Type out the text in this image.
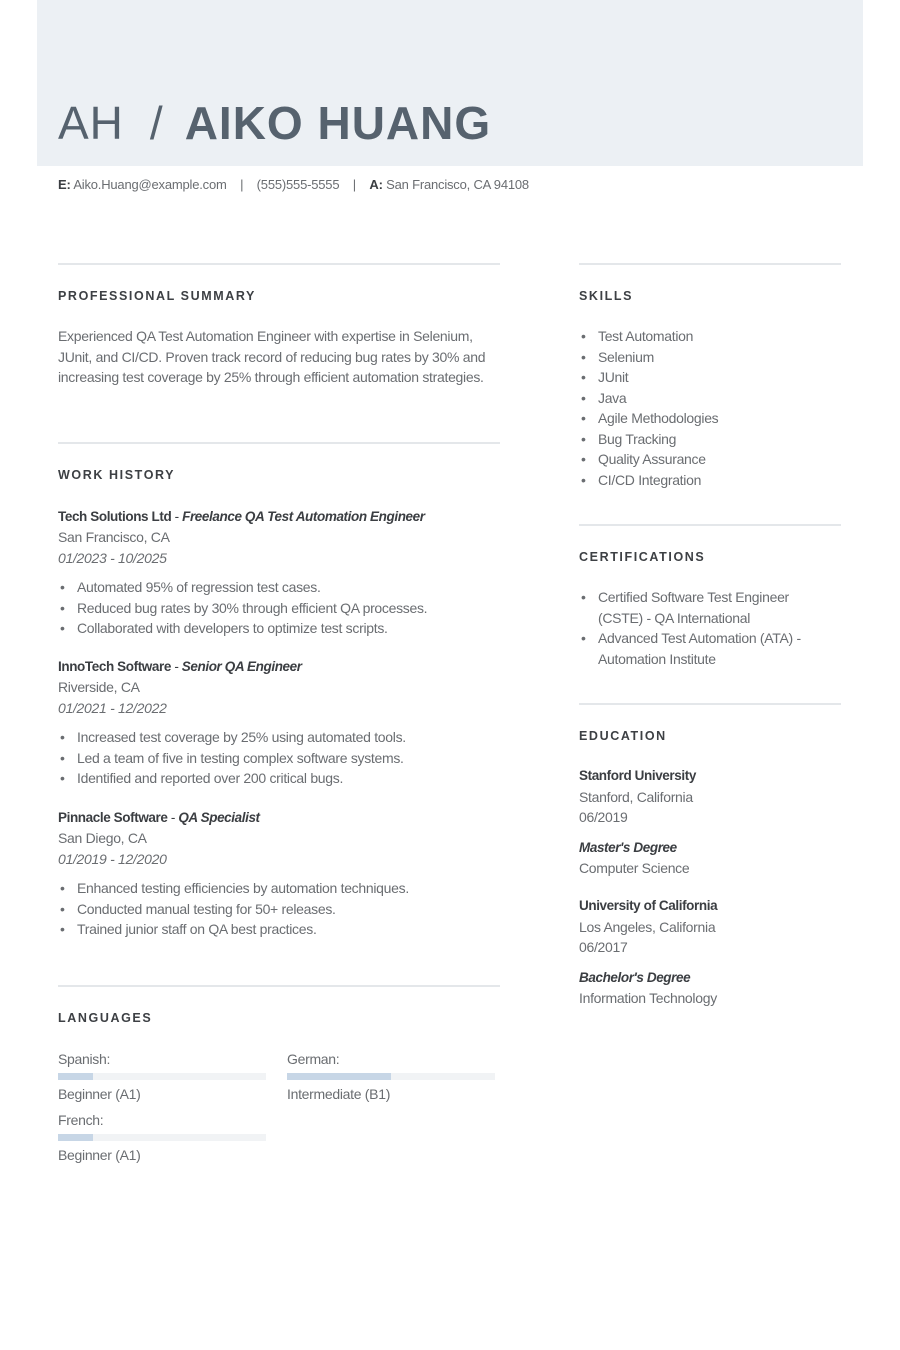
AH / AIKO HUANG
E: Aiko.Huang@example.com | (555)555-5555 | A: San Francisco, CA 94108
PROFESSIONAL SUMMARY
Experienced QA Test Automation Engineer with expertise in Selenium, JUnit, and CI/CD. Proven track record of reducing bug rates by 30% and increasing test coverage by 25% through efficient automation strategies.
WORK HISTORY
Tech Solutions Ltd - Freelance QA Test Automation Engineer
San Francisco, CA
01/2023 - 10/2025
• Automated 95% of regression test cases.
• Reduced bug rates by 30% through efficient QA processes.
• Collaborated with developers to optimize test scripts.
InnoTech Software - Senior QA Engineer
Riverside, CA
01/2021 - 12/2022
• Increased test coverage by 25% using automated tools.
• Led a team of five in testing complex software systems.
• Identified and reported over 200 critical bugs.
Pinnacle Software - QA Specialist
San Diego, CA
01/2019 - 12/2020
• Enhanced testing efficiencies by automation techniques.
• Conducted manual testing for 50+ releases.
• Trained junior staff on QA best practices.
LANGUAGES
Spanish:
Beginner (A1)
German:
Intermediate (B1)
French:
Beginner (A1)
SKILLS
• Test Automation
• Selenium
• JUnit
• Java
• Agile Methodologies
• Bug Tracking
• Quality Assurance
• CI/CD Integration
CERTIFICATIONS
• Certified Software Test Engineer (CSTE) - QA International
• Advanced Test Automation (ATA) - Automation Institute
EDUCATION
Stanford University
Stanford, California
06/2019
Master's Degree
Computer Science
University of California
Los Angeles, California
06/2017
Bachelor's Degree
Information Technology
